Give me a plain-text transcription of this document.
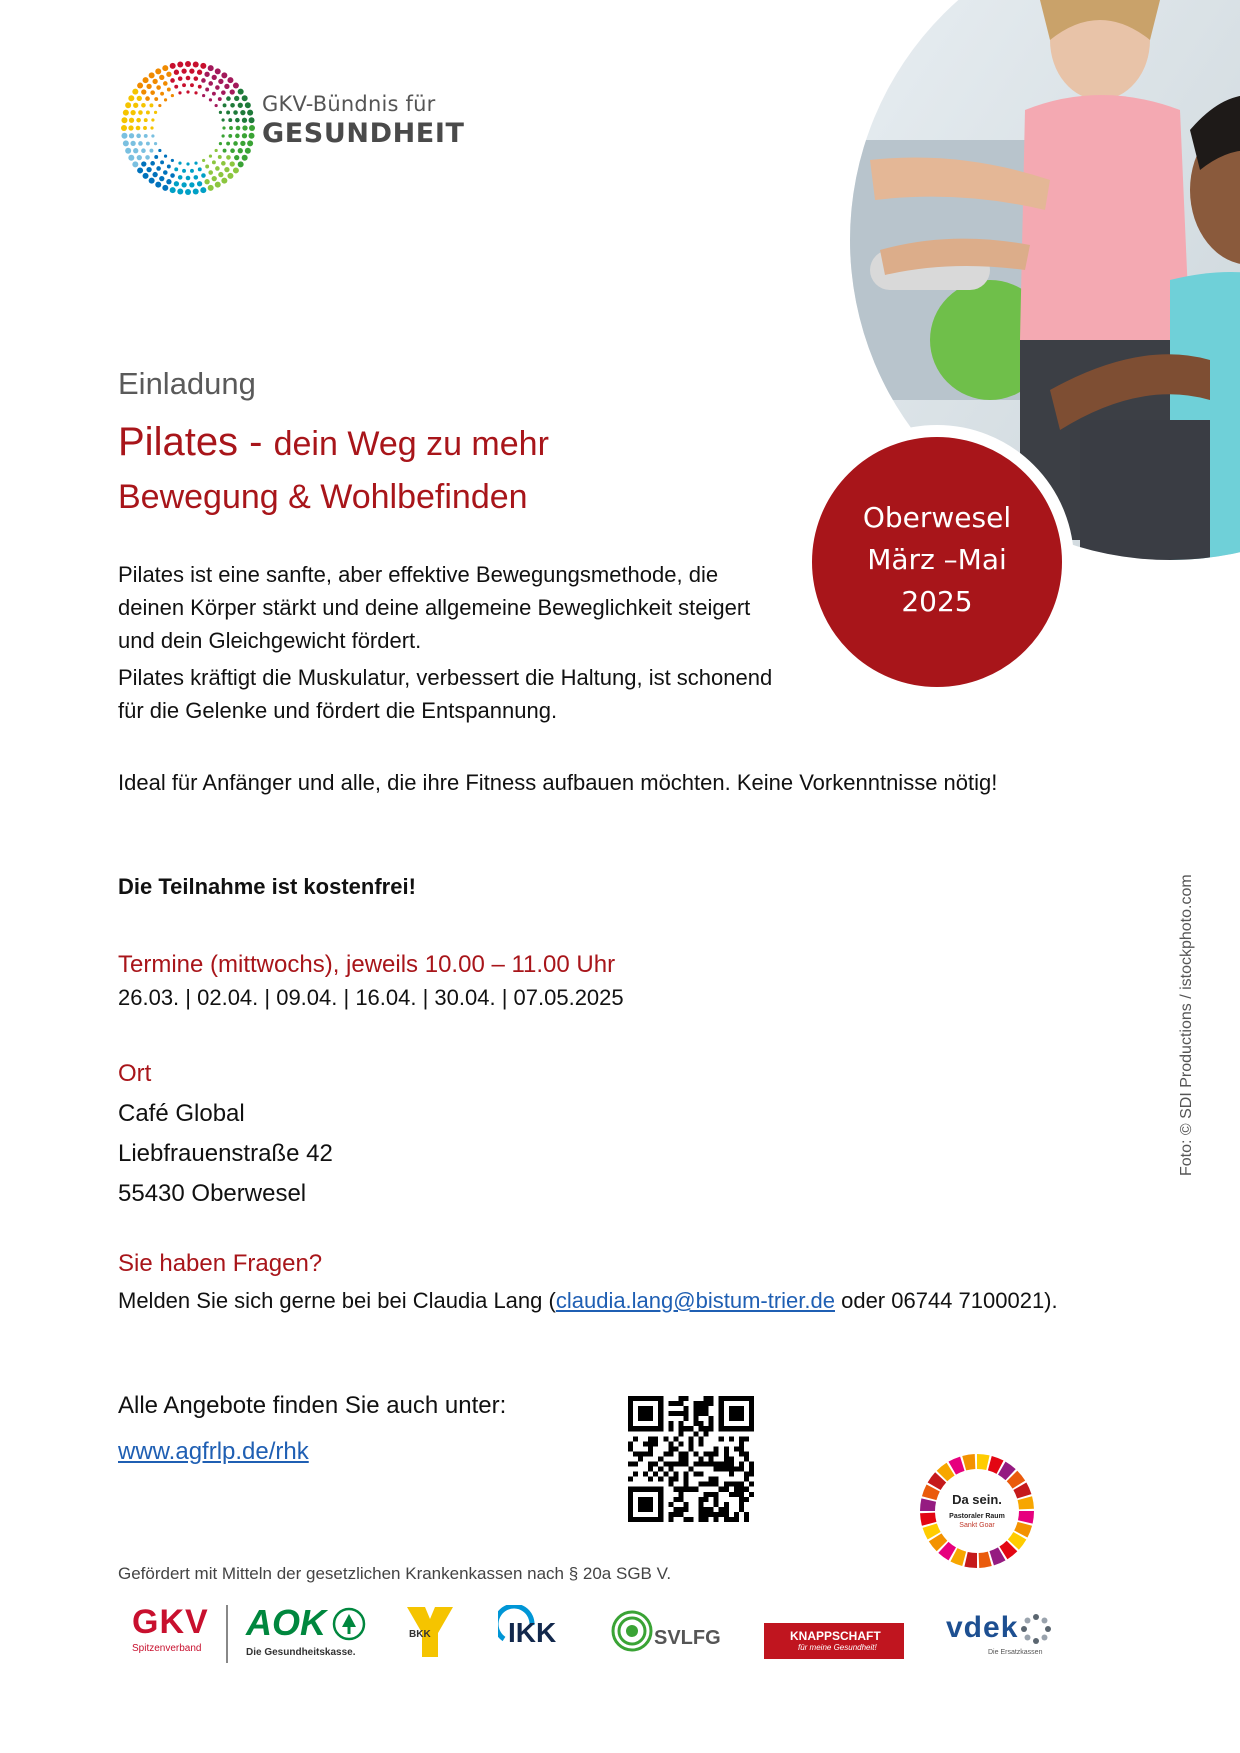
GKV-Bündnis für
GESUNDHEIT
Oberwesel
März –Mai
2025
Einladung
Pilates - dein Weg zu mehr
Bewegung & Wohlbefinden
Pilates ist eine sanfte, aber effektive Bewegungsmethode, die deinen Körper stärkt und deine allgemeine Beweglichkeit steigert und dein Gleichgewicht fördert.
Pilates kräftigt die Muskulatur, verbessert die Haltung, ist schonend für die Gelenke und fördert die Entspannung.
Ideal für Anfänger und alle, die ihre Fitness aufbauen möchten. Keine Vorkenntnisse nötig!
Die Teilnahme ist kostenfrei!
Termine (mittwochs), jeweils 10.00 – 11.00 Uhr
26.03. | 02.04. | 09.04. | 16.04. | 30.04. | 07.05.2025
Ort
Café Global
Liebfrauenstraße 42
55430 Oberwesel
Sie haben Fragen?
Melden Sie sich gerne bei bei Claudia Lang (claudia.lang@bistum-trier.de oder 06744 7100021).
Alle Angebote finden Sie auch unter:
www.agfrlp.de/rhk
Da sein.
Pastoraler Raum
Sankt Goar
Gefördert mit Mitteln der gesetzlichen Krankenkassen nach § 20a SGB V.
Foto: © SDI Productions / istockphoto.com
GKV
Spitzenverband
AOK
Die Gesundheitskasse.
BKK	IKK	SVLFG	KNAPPSCHAFT
für meine Gesundheit!
vdek
Die Ersatzkassen
